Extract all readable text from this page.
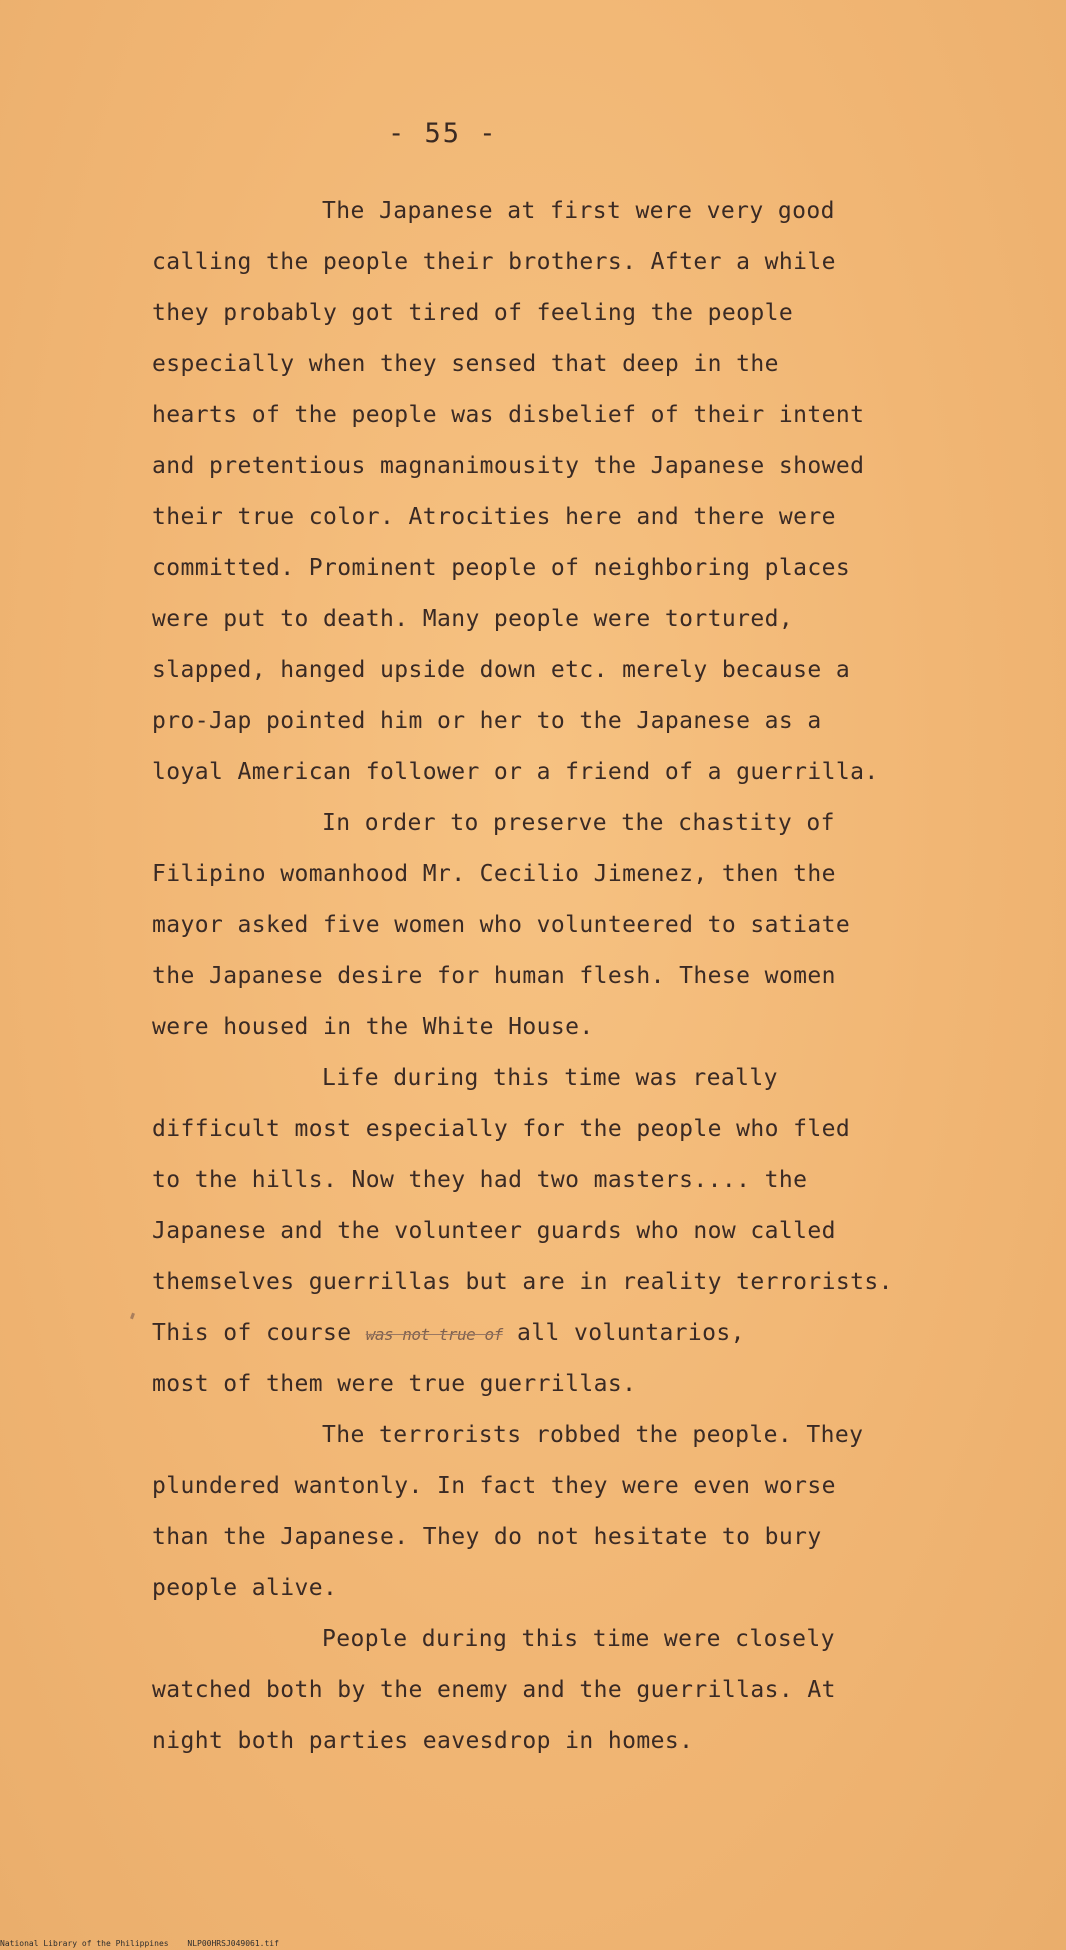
- 55 -
The Japanese at first were very good
calling the people their brothers. After a while
they probably got tired of feeling the people
especially when they sensed that deep in the
hearts of the people was disbelief of their intent
and pretentious magnanimousity the Japanese showed
their true color. Atrocities here and there were
committed. Prominent people of neighboring places
were put to death. Many people were tortured,
slapped, hanged upside down etc. merely because a
pro-Jap pointed him or her to the Japanese as a
loyal American follower or a friend of a guerrilla.
In order to preserve the chastity of
Filipino womanhood Mr. Cecilio Jimenez, then the
mayor asked five women who volunteered to satiate
the Japanese desire for human flesh. These women
were housed in the White House.
Life during this time was really
difficult most especially for the people who fled
to the hills. Now they had two masters.... the
Japanese and the volunteer guards who now called
themselves guerrillas but are in reality terrorists.
This of course was not true of all voluntarios,
most of them were true guerrillas.
The terrorists robbed the people. They
plundered wantonly. In fact they were even worse
than the Japanese. They do not hesitate to bury
people alive.
People during this time were closely
watched both by the enemy and the guerrillas. At
night both parties eavesdrop in homes.
National Library of the Philippines NLP00HRSJ049061.tif
